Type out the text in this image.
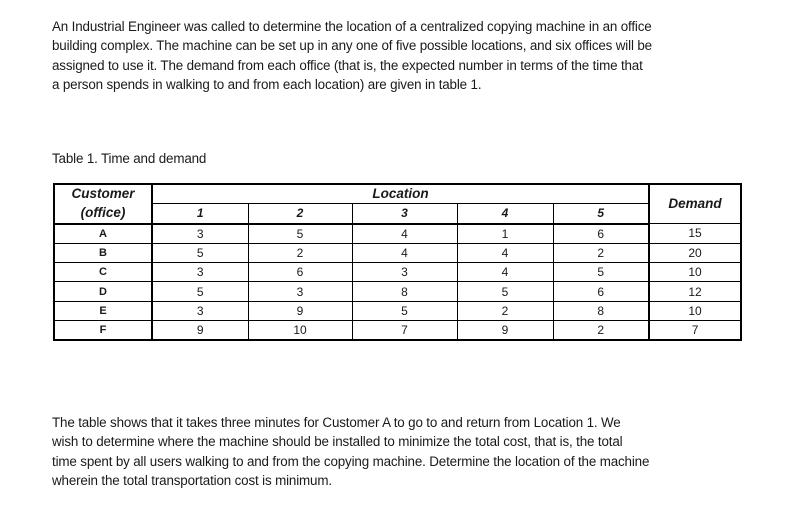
An Industrial Engineer was called to determine the location of a centralized copying machine in an office
building complex. The machine can be set up in any one of five possible locations, and six offices will be
assigned to use it. The demand from each office (that is, the expected number in terms of the time that
a person spends in walking to and from each location) are given in table 1.

Table 1. Time and demand

Customer	Location					Demand
(office)	1	2	3	4	5	
A	3	5	4	1	6	15
B	5	2	4	4	2	20
C	3	6	3	4	5	10
D	5	3	8	5	6	12
E	3	9	5	2	8	10
F	9	10	7	9	2	7
The table shows that it takes three minutes for Customer A to go to and return from Location 1. We
wish to determine where the machine should be installed to minimize the total cost, that is, the total
time spent by all users walking to and from the copying machine. Determine the location of the machine
wherein the total transportation cost is minimum.
